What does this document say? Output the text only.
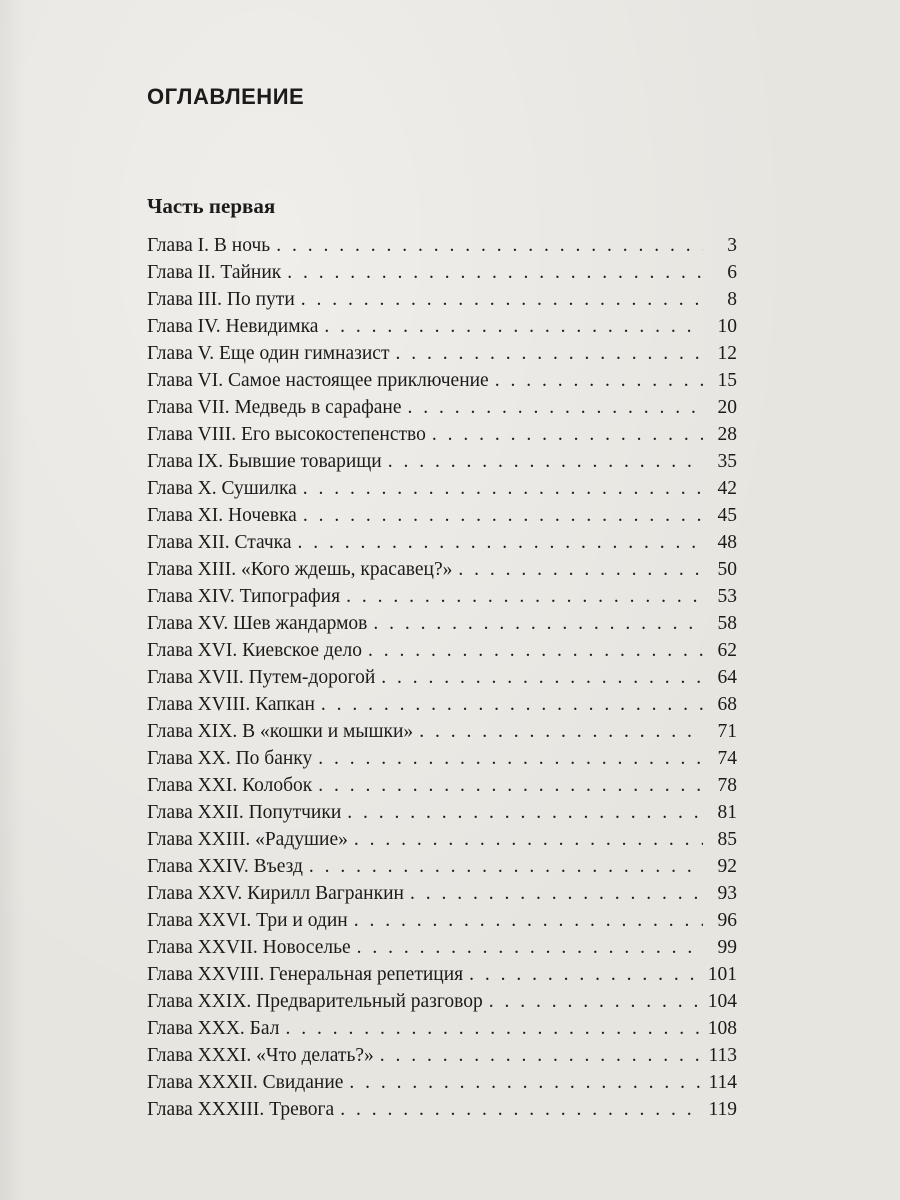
ОГЛАВЛЕНИЕ
Часть первая
Глава I. В ночь . . .	3
Глава II. Тайник . . .	6
Глава III. По пути . . .	8
Глава IV. Невидимка . . .	10
Глава V. Еще один гимназист . . .	12
Глава VI. Самое настоящее приключение . . .	15
Глава VII. Медведь в сарафане . . .	20
Глава VIII. Его высокостепенство . . .	28
Глава IX. Бывшие товарищи . . .	35
Глава X. Сушилка . . .	42
Глава XI. Ночевка . . .	45
Глава XII. Стачка . . .	48
Глава XIII. «Кого ждешь, красавец?» . . .	50
Глава XIV. Типография . . .	53
Глава XV. Шев жандармов . . .	58
Глава XVI. Киевское дело . . .	62
Глава XVII. Путем-дорогой . . .	64
Глава XVIII. Капкан . . .	68
Глава XIX. В «кошки и мышки» . . .	71
Глава XX. По банку . . .	74
Глава XXI. Колобок . . .	78
Глава XXII. Попутчики . . .	81
Глава XXIII. «Радушие» . . .	85
Глава XXIV. Въезд . . .	92
Глава XXV. Кирилл Вагранкин . . .	93
Глава XXVI. Три и один . . .	96
Глава XXVII. Новоселье . . .	99
Глава XXVIII. Генеральная репетиция . . .	101
Глава XXIX. Предварительный разговор . . .	104
Глава XXX. Бал . . .	108
Глава XXXI. «Что делать?» . . .	113
Глава XXXII. Свидание . . .	114
Глава XXXIII. Тревога . . .	119
